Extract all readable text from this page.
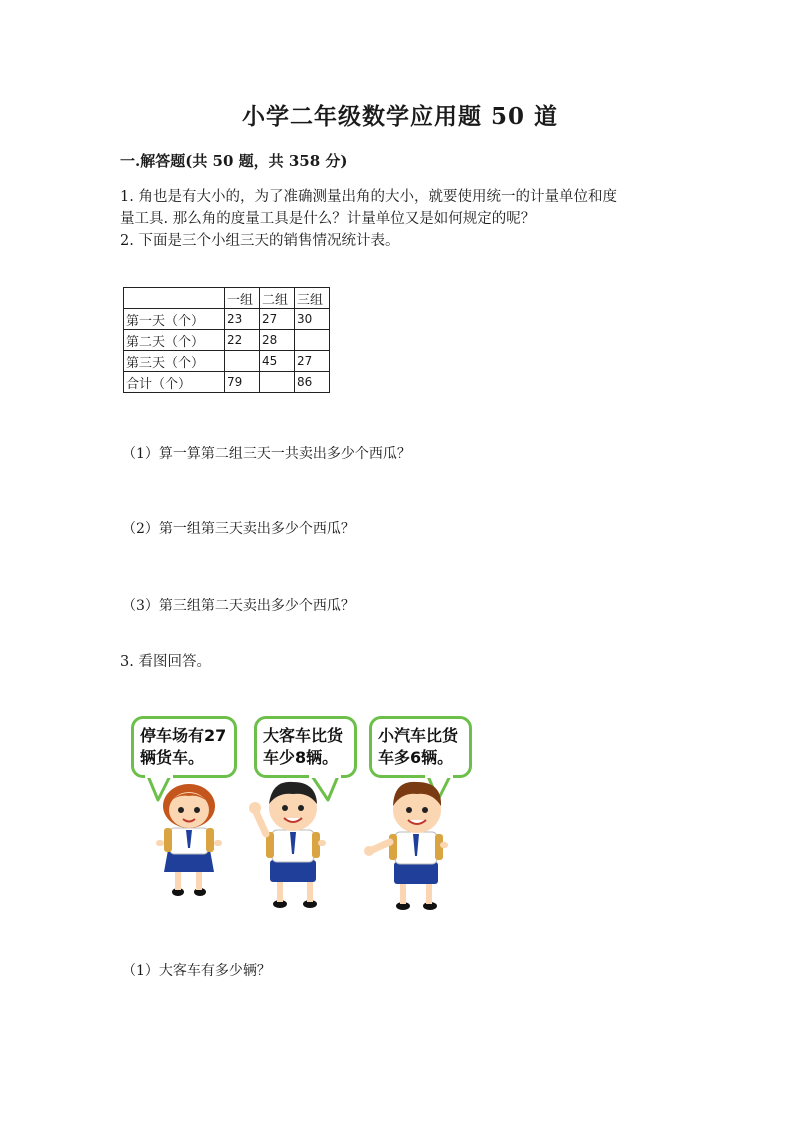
小学二年级数学应用题 50 道
一.解答题(共 50 题，共 358 分)
1. 角也是有大小的，为了准确测量出角的大小，就要使用统一的计量单位和度
量工具. 那么角的度量工具是什么？计量单位又是如何规定的呢？
2. 下面是三个小组三天的销售情况统计表。
	一组	二组	三组
第一天（个）	23	27	30
第二天（个）	22	28	
第三天（个）		45	27
合计（个）	79		86
（1）算一算第二组三天一共卖出多少个西瓜？
（2）第一组第三天卖出多少个西瓜？
（3）第三组第二天卖出多少个西瓜？
3. 看图回答。
停车场有27
辆货车。
大客车比货
车少8辆。
小汽车比货
车多6辆。
（1）大客车有多少辆？
